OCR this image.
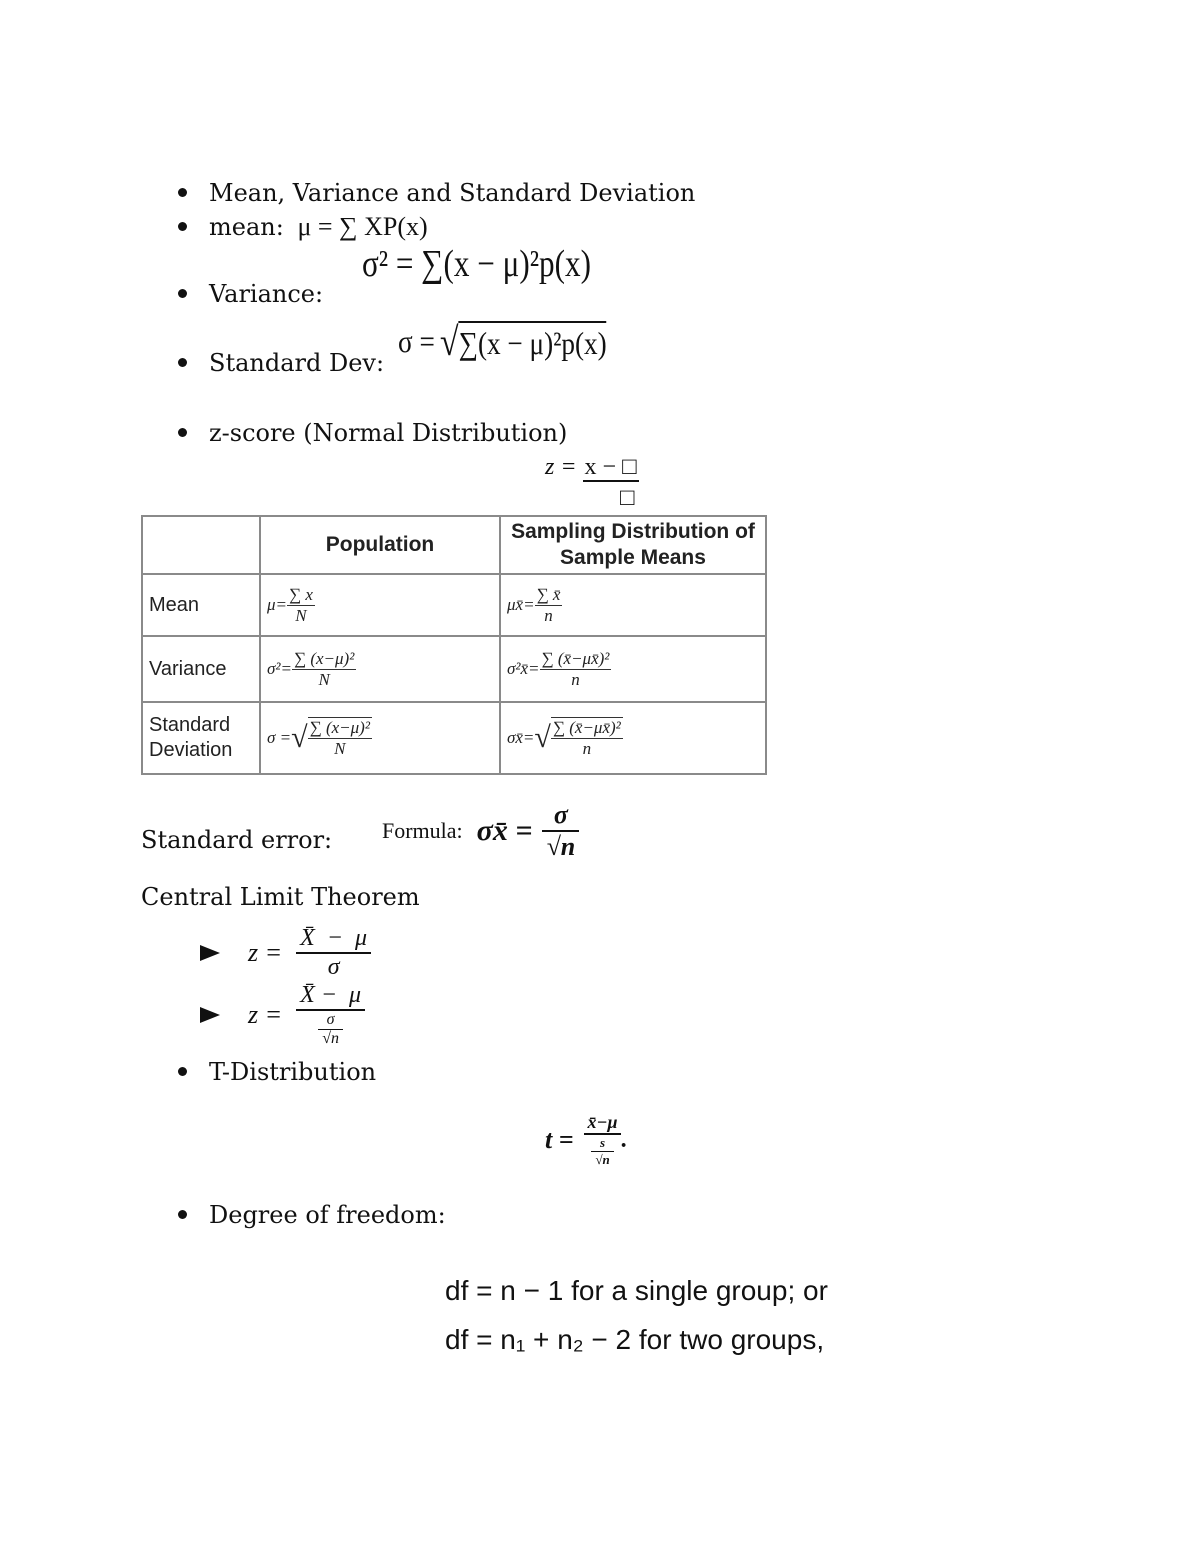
Mean, Variance and Standard Deviation
mean: μ = ∑ XP(x)
σ² = ∑(x − μ)²p(x)
Variance:
Standard Dev:
σ = √ ∑(x − μ)²p(x)
z-score (Normal Distribution)
z = x − □
□
	Population	Sampling Distribution of Sample Means
Mean	$\mu= \frac{\sum x}{N}$	μx̄= $\frac{\sum x̄}{n}$

Variance	$\sigma^2= \frac{\text{∑ (x−μ)²}}{N}$	σ²x̄= $\frac{\text{∑ (x̄−μx̄)²}}{n}$

Standard Deviation	σ = √ $\frac{\text{∑ (x−μ)²}}{N}$	σx̄= √ $\frac{\text{∑ (x̄−μx̄)²}}{n}$
Standard error: Formula: σx̄ = $\frac{\sigma}{√n}$
Central Limit Theorem
$z = \frac{X̄ - \mu}{\sigma}$
$z = \frac{X̄ - \mu}{\frac{\sigma}{√n}}$
T-Distribution
$t = \frac{x̄-\mu}{\frac{s}{√n}}$ .
Degree of freedom:
df = n − 1 for a single group; or
df = n₁ + n₂ − 2 for two groups,
